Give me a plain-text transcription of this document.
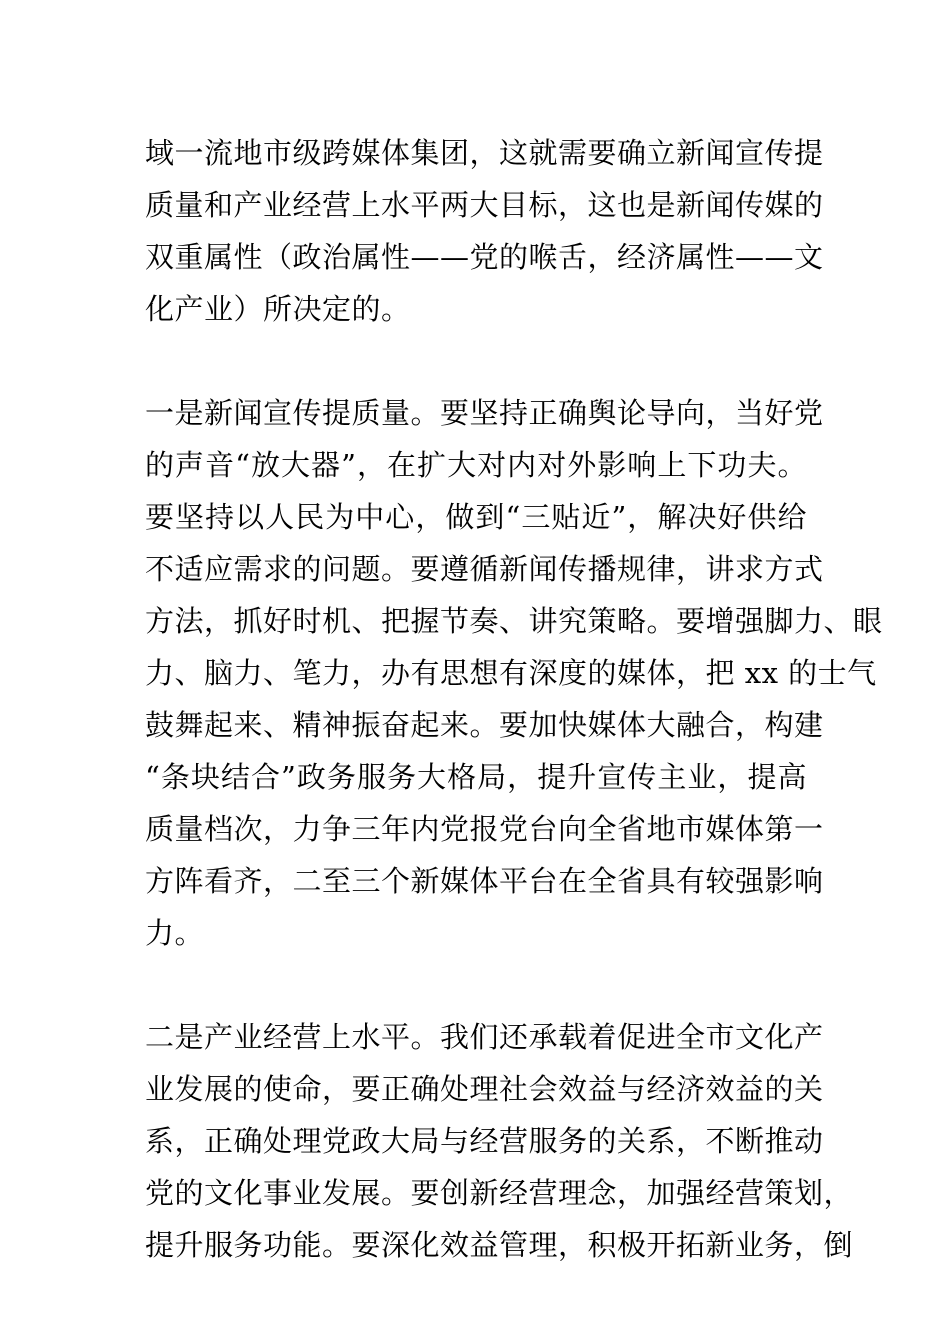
域一流地市级跨媒体集团，这就需要确立新闻宣传提
质量和产业经营上水平两大目标，这也是新闻传媒的
双重属性（政治属性——党的喉舌，经济属性——文
化产业）所决定的。

一是新闻宣传提质量。要坚持正确舆论导向，当好党
的声音“放大器”，在扩大对内对外影响上下功夫。
要坚持以人民为中心，做到“三贴近”，解决好供给
不适应需求的问题。要遵循新闻传播规律，讲求方式
方法，抓好时机、把握节奏、讲究策略。要增强脚力、眼
力、脑力、笔力，办有思想有深度的媒体，把 xx 的士气
鼓舞起来、精神振奋起来。要加快媒体大融合，构建
“条块结合”政务服务大格局，提升宣传主业，提高
质量档次，力争三年内党报党台向全省地市媒体第一
方阵看齐，二至三个新媒体平台在全省具有较强影响
力。

二是产业经营上水平。我们还承载着促进全市文化产
业发展的使命，要正确处理社会效益与经济效益的关
系，正确处理党政大局与经营服务的关系，不断推动
党的文化事业发展。要创新经营理念，加强经营策划，
提升服务功能。要深化效益管理，积极开拓新业务，倒
